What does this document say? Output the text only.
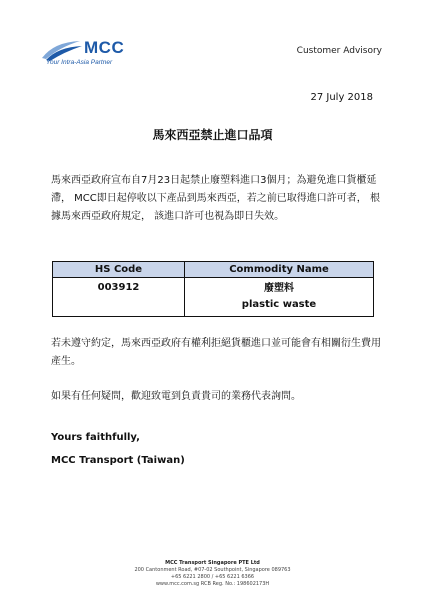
MCC
Your Intra-Asia Partner
Customer Advisory
27 July 2018
馬來西亞禁止進口品項
馬來西亞政府宣布自7月23日起禁止廢塑料進口3個月；為避免進口貨櫃延滯， MCC即日起停收以下產品到馬來西亞，若之前已取得進口許可者， 根據馬來西亞政府規定， 該進口許可也視為即日失效。
HS Code	Commodity Name
003912	廢塑料
plastic waste
若未遵守約定，馬來西亞政府有權利拒絕貨櫃進口並可能會有相關衍生費用產生。
如果有任何疑問，歡迎致電到負責貴司的業務代表詢問。
Yours faithfully,
MCC Transport (Taiwan)
MCC Transport Singapore PTE Ltd
200 Cantonment Road, #07-02 Southpoint, Singapore 089763
+65 6221 2800 / +65 6221 6366
www.mcc.com.sg RCB Reg. No.: 198602173H
